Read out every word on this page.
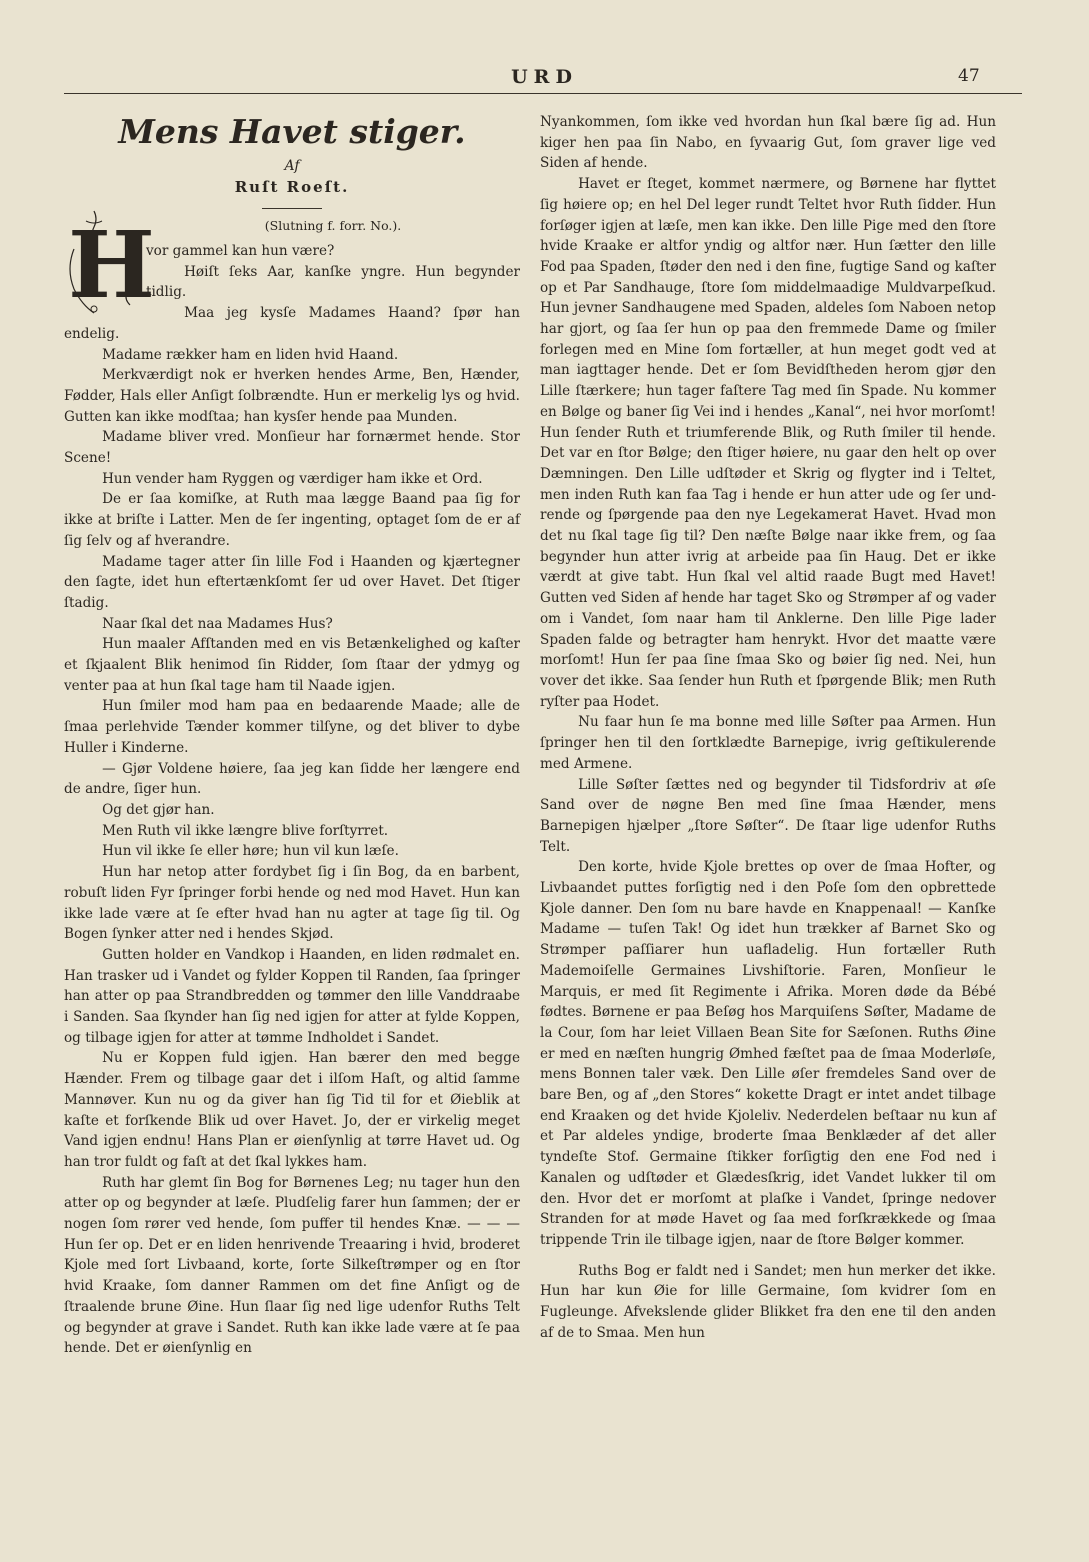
URD	47
Mens Havet stiger.
Af
Ruſt Roeſt.
H	(Slutning f. forr. No.).

vor gammel kan hun være?

Høiſt ſeks Aar, kanſke yngre. Hun begynder tidlig.

Maa jeg kysſe Madames Haand? ſpør han endelig.

Madame rækker ham en liden hvid Haand.

Merkværdigt nok er hverken hendes Arme, Ben, Hænder, Fødder, Hals eller Anſigt ſolbrændte. Hun er merkelig lys og hvid. Gutten kan ikke modſtaa; han kysſer hende paa Munden.

Madame bliver vred. Monſieur har fornærmet hende. Stor Scene!

Hun vender ham Ryggen og værdiger ham ikke et Ord.

De er ſaa komiſke, at Ruth maa lægge Baand paa ſig for ikke at briſte i Latter. Men de ſer ingenting, optaget ſom de er af ſig ſelv og af hverandre.

Madame tager atter ſin lille Fod i Haanden og kjærtegner den ſagte, idet hun eftertænkſomt ſer ud over Havet. Det ſtiger ſtadig.

Naar ſkal det naa Madames Hus?

Hun maaler Afſtanden med en vis Betænkelighed og kaſter et ſkjaalent Blik henimod ſin Ridder, ſom ſtaar der ydmyg og venter paa at hun ſkal tage ham til Naade igjen.

Hun ſmiler mod ham paa en bedaarende Maade; alle de ſmaa perlehvide Tænder kommer tilſyne, og det bliver to dybe Huller i Kinderne.

— Gjør Voldene høiere, ſaa jeg kan ſidde her længere end de andre, ſiger hun.

Og det gjør han.

Men Ruth vil ikke længre blive forſtyrret.

Hun vil ikke ſe eller høre; hun vil kun læſe.

Hun har netop atter fordybet ſig i ſin Bog, da en barbent, robuſt liden Fyr ſpringer forbi hende og ned mod Havet. Hun kan ikke lade være at ſe efter hvad han nu agter at tage ſig til. Og Bogen ſynker atter ned i hendes Skjød.

Gutten holder en Vandkop i Haanden, en liden rødmalet en. Han trasker ud i Vandet og fylder Koppen til Randen, ſaa ſpringer han atter op paa Strandbredden og tømmer den lille Vanddraabe i Sanden. Saa ſkynder han ſig ned igjen for atter at fylde Koppen, og tilbage igjen for atter at tømme Indholdet i Sandet.

Nu er Koppen fuld igjen. Han bærer den med begge Hænder. Frem og tilbage gaar det i ilſom Haſt, og altid ſamme Mannøver. Kun nu og da giver han ſig Tid til for et Øieblik at kaſte et forſkende Blik ud over Havet. Jo, der er virkelig meget Vand igjen endnu! Hans Plan er øienſynlig at tørre Havet ud. Og han tror fuldt og faſt at det ſkal lykkes ham.

Ruth har glemt ſin Bog for Børnenes Leg; nu tager hun den atter op og begynder at læſe. Pludſelig farer hun ſammen; der er nogen ſom rører ved hende, ſom puffer til hendes Knæ. — — — Hun ſer op. Det er en liden henrivende Treaaring i hvid, broderet Kjole med ſort Livbaand, korte, ſorte Silkeſtrømper og en ſtor hvid Kraake, ſom danner Rammen om det fine Anſigt og de ſtraalende brune Øine. Hun ſlaar ſig ned lige udenfor Ruths Telt og begynder at grave i Sandet. Ruth kan ikke lade være at ſe paa hende. Det er øienſynlig en

Nyankommen, ſom ikke ved hvordan hun ſkal bære ſig ad. Hun kiger hen paa ſin Nabo, en ſyvaarig Gut, ſom graver lige ved Siden af hende.

Havet er ſteget, kommet nærmere, og Børnene har flyttet ſig høiere op; en hel Del leger rundt Teltet hvor Ruth ſidder. Hun forſøger igjen at læſe, men kan ikke. Den lille Pige med den ſtore hvide Kraake er altfor yndig og altfor nær. Hun ſætter den lille Fod paa Spaden, ſtøder den ned i den fine, fugtige Sand og kaſter op et Par Sandhauge, ſtore ſom middelmaadige Muldvarpeſkud. Hun jevner Sandhaugene med Spaden, aldeles ſom Naboen netop har gjort, og ſaa ſer hun op paa den fremmede Dame og ſmiler forlegen med en Mine ſom fortæller, at hun meget godt ved at man iagttager hende. Det er ſom Bevidſtheden herom gjør den Lille ſtærkere; hun tager faſtere Tag med ſin Spade. Nu kommer en Bølge og baner ſig Vei ind i hendes „Kanal“, nei hvor morſomt! Hun ſender Ruth et triumferende Blik, og Ruth ſmiler til hende. Det var en ſtor Bølge; den ſtiger høiere, nu gaar den helt op over Dæmningen. Den Lille udſtøder et Skrig og flygter ind i Teltet, men inden Ruth kan faa Tag i hende er hun atter ude og ſer undrende og ſpørgende paa den nye Legekamerat Havet. Hvad mon det nu ſkal tage ſig til? Den næſte Bølge naar ikke frem, og ſaa begynder hun atter ivrig at arbeide paa ſin Haug. Det er ikke værdt at give tabt. Hun ſkal vel altid raade Bugt med Havet! Gutten ved Siden af hende har taget Sko og Strømper af og vader om i Vandet, ſom naar ham til Anklerne. Den lille Pige lader Spaden falde og betragter ham henrykt. Hvor det maatte være morſomt! Hun ſer paa ſine ſmaa Sko og bøier ſig ned. Nei, hun vover det ikke. Saa ſender hun Ruth et ſpørgende Blik; men Ruth ryſter paa Hodet.

Nu faar hun ſe ma bonne med lille Søſter paa Armen. Hun ſpringer hen til den ſortklædte Barnepige, ivrig geſtikulerende med Armene.

Lille Søſter ſættes ned og begynder til Tidsfordriv at øſe Sand over de nøgne Ben med ſine ſmaa Hænder, mens Barnepigen hjælper „ſtore Søſter“. De ſtaar lige udenfor Ruths Telt.

Den korte, hvide Kjole brettes op over de ſmaa Hofter, og Livbaandet puttes forſigtig ned i den Poſe ſom den opbrettede Kjole danner. Den ſom nu bare havde en Knappenaal! — Kanſke Madame — tuſen Tak! Og idet hun trækker af Barnet Sko og Strømper paſſiarer hun uafladelig. Hun fortæller Ruth Mademoiſelle Germaines Livshiſtorie. Faren, Monſieur le Marquis, er med ſit Regimente i Afrika. Moren døde da Bébé fødtes. Børnene er paa Beſøg hos Marquiſens Søſter, Madame de la Cour, ſom har leiet Villaen Bean Site for Sæſonen. Ruths Øine er med en næſten hungrig Ømhed fæſtet paa de ſmaa Moderløſe, mens Bonnen taler væk. Den Lille øſer fremdeles Sand over de bare Ben, og af „den Stores“ kokette Dragt er intet andet tilbage end Kraaken og det hvide Kjoleliv. Nederdelen beſtaar nu kun af et Par aldeles yndige, broderte ſmaa Benklæder af det aller tyndeſte Stof. Germaine ſtikker forſigtig den ene Fod ned i Kanalen og udſtøder et Glædesſkrig, idet Vandet lukker til om den. Hvor det er morſomt at plaſke i Vandet, ſpringe nedover Stranden for at møde Havet og ſaa med forſkrækkede og ſmaa trippende Trin ile tilbage igjen, naar de ſtore Bølger kommer.

Ruths Bog er faldt ned i Sandet; men hun merker det ikke. Hun har kun Øie for lille Germaine, ſom kvidrer ſom en Fugleunge. Afvekslende glider Blikket fra den ene til den anden af de to Smaa. Men hun
